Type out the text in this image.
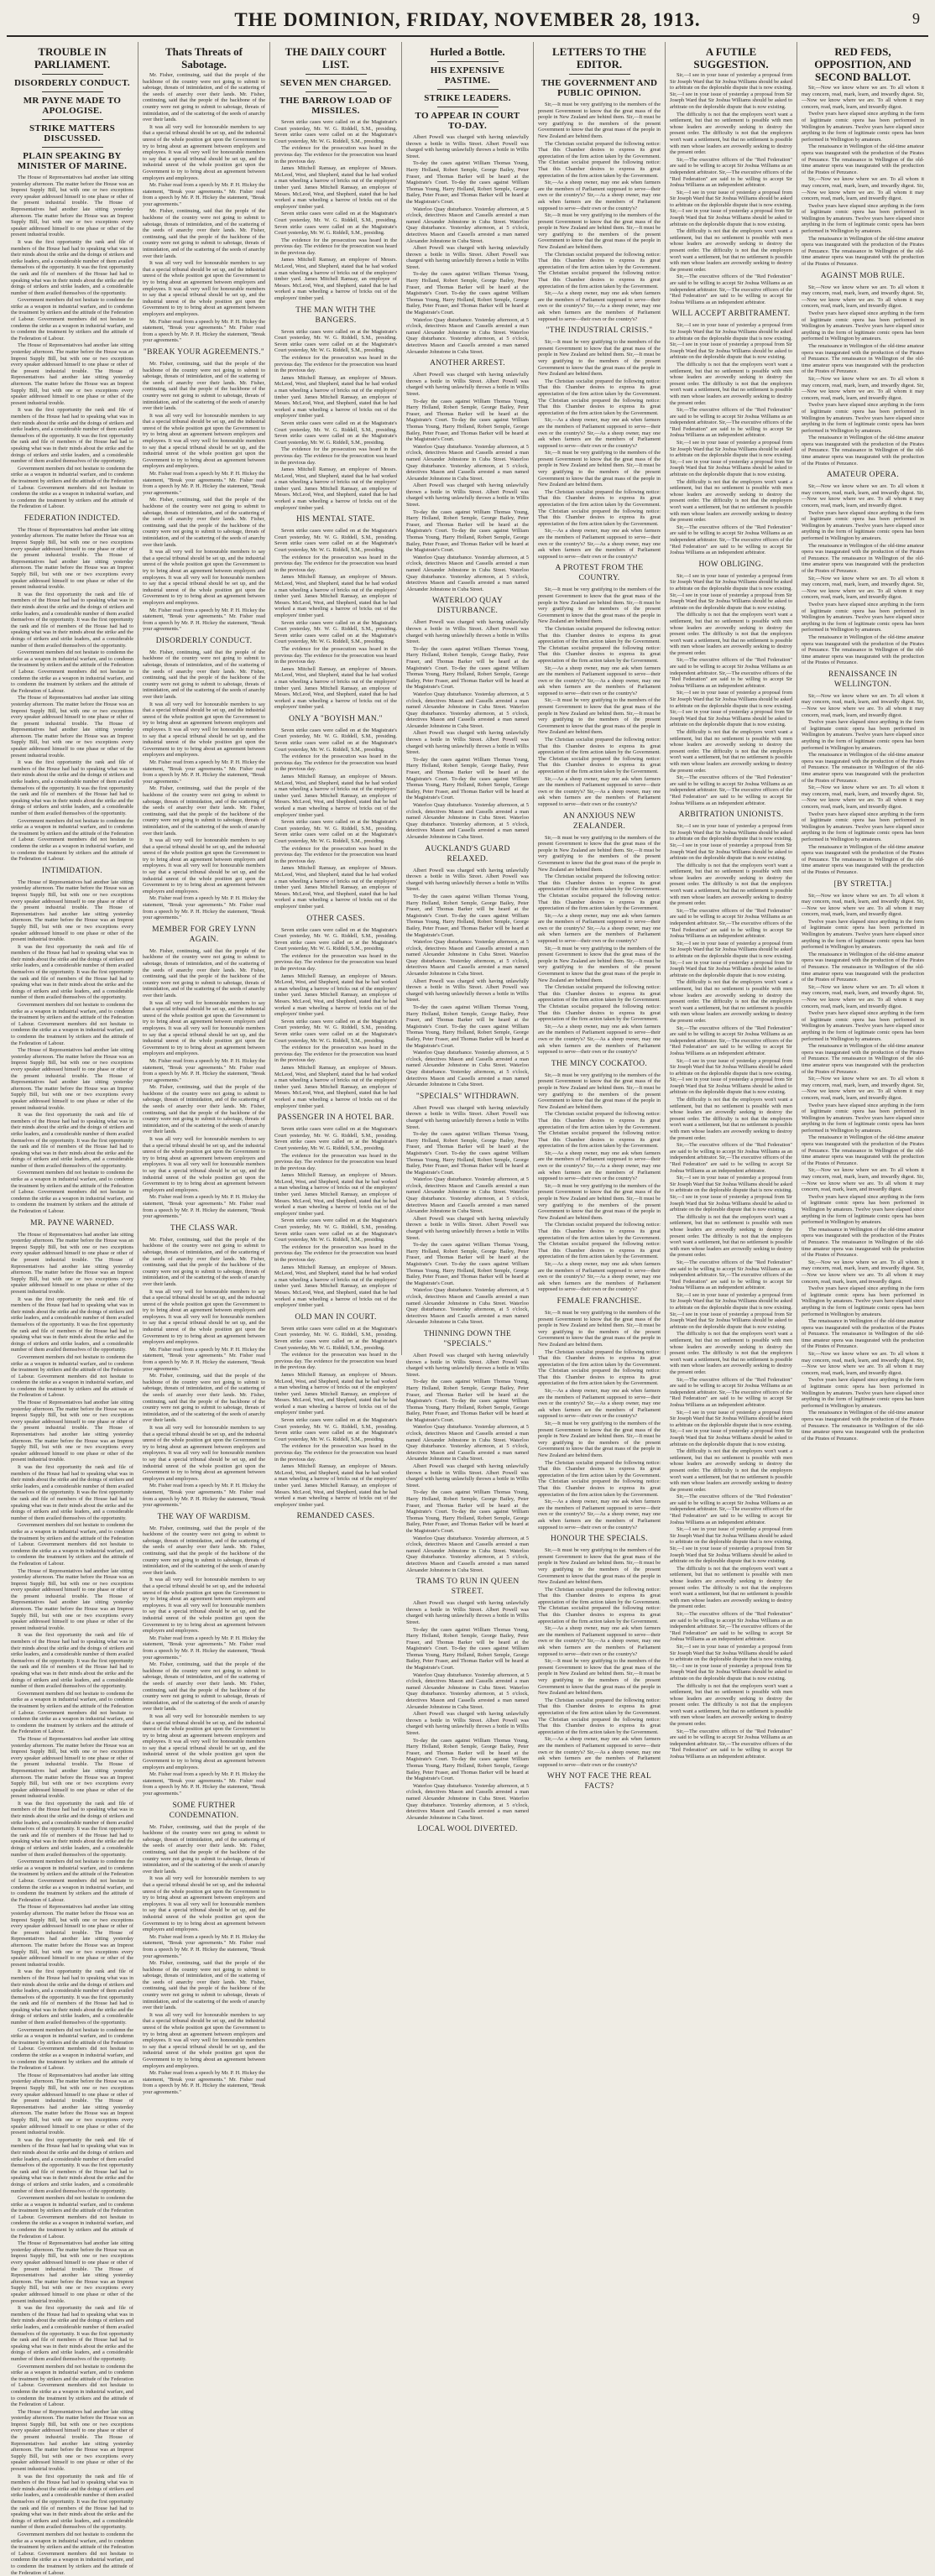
THE DOMINION, FRIDAY, NOVEMBER 28, 1913.	9
TROUBLE IN PARLIAMENT.
DISORDERLY CONDUCT.
MR PAYNE MADE TO APOLOGISE.
STRIKE MATTERS DISCUSSED.
PLAIN SPEAKING BY MINISTER OF MARINE.

The House of Representatives had another late sitting yesterday afternoon. The matter before the House was an Imprest Supply Bill, but with one or two exceptions every speaker addressed himself to one phase or other of the present industrial trouble. The House of Representatives had another late sitting yesterday afternoon. The matter before the House was an Imprest Supply Bill, but with one or two exceptions every speaker addressed himself to one phase or other of the present industrial trouble.

It was the first opportunity the rank and file of members of the House had had to speaking what was in their minds about the strike and the doings of strikers and strike leaders, and a considerable number of them availed themselves of the opportunity. It was the first opportunity the rank and file of members of the House had had to speaking what was in their minds about the strike and the doings of strikers and strike leaders, and a considerable number of them availed themselves of the opportunity.

Government members did not hesitate to condemn the strike as a weapon in industrial warfare, and to condemn the treatment by strikers and the attitude of the Federation of Labour. Government members did not hesitate to condemn the strike as a weapon in industrial warfare, and to condemn the treatment by strikers and the attitude of the Federation of Labour.

The House of Representatives had another late sitting yesterday afternoon. The matter before the House was an Imprest Supply Bill, but with one or two exceptions every speaker addressed himself to one phase or other of the present industrial trouble. The House of Representatives had another late sitting yesterday afternoon. The matter before the House was an Imprest Supply Bill, but with one or two exceptions every speaker addressed himself to one phase or other of the present industrial trouble.

It was the first opportunity the rank and file of members of the House had had to speaking what was in their minds about the strike and the doings of strikers and strike leaders, and a considerable number of them availed themselves of the opportunity. It was the first opportunity the rank and file of members of the House had had to speaking what was in their minds about the strike and the doings of strikers and strike leaders, and a considerable number of them availed themselves of the opportunity.

Government members did not hesitate to condemn the strike as a weapon in industrial warfare, and to condemn the treatment by strikers and the attitude of the Federation of Labour. Government members did not hesitate to condemn the strike as a weapon in industrial warfare, and to condemn the treatment by strikers and the attitude of the Federation of Labour.

FEDERATION INDICTED.

The House of Representatives had another late sitting yesterday afternoon. The matter before the House was an Imprest Supply Bill, but with one or two exceptions every speaker addressed himself to one phase or other of the present industrial trouble. The House of Representatives had another late sitting yesterday afternoon. The matter before the House was an Imprest Supply Bill, but with one or two exceptions every speaker addressed himself to one phase or other of the present industrial trouble.

It was the first opportunity the rank and file of members of the House had had to speaking what was in their minds about the strike and the doings of strikers and strike leaders, and a considerable number of them availed themselves of the opportunity. It was the first opportunity the rank and file of members of the House had had to speaking what was in their minds about the strike and the doings of strikers and strike leaders, and a considerable number of them availed themselves of the opportunity.

Government members did not hesitate to condemn the strike as a weapon in industrial warfare, and to condemn the treatment by strikers and the attitude of the Federation of Labour. Government members did not hesitate to condemn the strike as a weapon in industrial warfare, and to condemn the treatment by strikers and the attitude of the Federation of Labour.

The House of Representatives had another late sitting yesterday afternoon. The matter before the House was an Imprest Supply Bill, but with one or two exceptions every speaker addressed himself to one phase or other of the present industrial trouble. The House of Representatives had another late sitting yesterday afternoon. The matter before the House was an Imprest Supply Bill, but with one or two exceptions every speaker addressed himself to one phase or other of the present industrial trouble.

It was the first opportunity the rank and file of members of the House had had to speaking what was in their minds about the strike and the doings of strikers and strike leaders, and a considerable number of them availed themselves of the opportunity. It was the first opportunity the rank and file of members of the House had had to speaking what was in their minds about the strike and the doings of strikers and strike leaders, and a considerable number of them availed themselves of the opportunity.

Government members did not hesitate to condemn the strike as a weapon in industrial warfare, and to condemn the treatment by strikers and the attitude of the Federation of Labour. Government members did not hesitate to condemn the strike as a weapon in industrial warfare, and to condemn the treatment by strikers and the attitude of the Federation of Labour.

INTIMIDATION.

The House of Representatives had another late sitting yesterday afternoon. The matter before the House was an Imprest Supply Bill, but with one or two exceptions every speaker addressed himself to one phase or other of the present industrial trouble. The House of Representatives had another late sitting yesterday afternoon. The matter before the House was an Imprest Supply Bill, but with one or two exceptions every speaker addressed himself to one phase or other of the present industrial trouble.

It was the first opportunity the rank and file of members of the House had had to speaking what was in their minds about the strike and the doings of strikers and strike leaders, and a considerable number of them availed themselves of the opportunity. It was the first opportunity the rank and file of members of the House had had to speaking what was in their minds about the strike and the doings of strikers and strike leaders, and a considerable number of them availed themselves of the opportunity.

Government members did not hesitate to condemn the strike as a weapon in industrial warfare, and to condemn the treatment by strikers and the attitude of the Federation of Labour. Government members did not hesitate to condemn the strike as a weapon in industrial warfare, and to condemn the treatment by strikers and the attitude of the Federation of Labour.

The House of Representatives had another late sitting yesterday afternoon. The matter before the House was an Imprest Supply Bill, but with one or two exceptions every speaker addressed himself to one phase or other of the present industrial trouble. The House of Representatives had another late sitting yesterday afternoon. The matter before the House was an Imprest Supply Bill, but with one or two exceptions every speaker addressed himself to one phase or other of the present industrial trouble.

It was the first opportunity the rank and file of members of the House had had to speaking what was in their minds about the strike and the doings of strikers and strike leaders, and a considerable number of them availed themselves of the opportunity. It was the first opportunity the rank and file of members of the House had had to speaking what was in their minds about the strike and the doings of strikers and strike leaders, and a considerable number of them availed themselves of the opportunity.

Government members did not hesitate to condemn the strike as a weapon in industrial warfare, and to condemn the treatment by strikers and the attitude of the Federation of Labour. Government members did not hesitate to condemn the strike as a weapon in industrial warfare, and to condemn the treatment by strikers and the attitude of the Federation of Labour.

MR. PAYNE WARNED.

The House of Representatives had another late sitting yesterday afternoon. The matter before the House was an Imprest Supply Bill, but with one or two exceptions every speaker addressed himself to one phase or other of the present industrial trouble. The House of Representatives had another late sitting yesterday afternoon. The matter before the House was an Imprest Supply Bill, but with one or two exceptions every speaker addressed himself to one phase or other of the present industrial trouble.

It was the first opportunity the rank and file of members of the House had had to speaking what was in their minds about the strike and the doings of strikers and strike leaders, and a considerable number of them availed themselves of the opportunity. It was the first opportunity the rank and file of members of the House had had to speaking what was in their minds about the strike and the doings of strikers and strike leaders, and a considerable number of them availed themselves of the opportunity.

Government members did not hesitate to condemn the strike as a weapon in industrial warfare, and to condemn the treatment by strikers and the attitude of the Federation of Labour. Government members did not hesitate to condemn the strike as a weapon in industrial warfare, and to condemn the treatment by strikers and the attitude of the Federation of Labour.

The House of Representatives had another late sitting yesterday afternoon. The matter before the House was an Imprest Supply Bill, but with one or two exceptions every speaker addressed himself to one phase or other of the present industrial trouble. The House of Representatives had another late sitting yesterday afternoon. The matter before the House was an Imprest Supply Bill, but with one or two exceptions every speaker addressed himself to one phase or other of the present industrial trouble.

It was the first opportunity the rank and file of members of the House had had to speaking what was in their minds about the strike and the doings of strikers and strike leaders, and a considerable number of them availed themselves of the opportunity. It was the first opportunity the rank and file of members of the House had had to speaking what was in their minds about the strike and the doings of strikers and strike leaders, and a considerable number of them availed themselves of the opportunity.

Government members did not hesitate to condemn the strike as a weapon in industrial warfare, and to condemn the treatment by strikers and the attitude of the Federation of Labour. Government members did not hesitate to condemn the strike as a weapon in industrial warfare, and to condemn the treatment by strikers and the attitude of the Federation of Labour.

The House of Representatives had another late sitting yesterday afternoon. The matter before the House was an Imprest Supply Bill, but with one or two exceptions every speaker addressed himself to one phase or other of the present industrial trouble. The House of Representatives had another late sitting yesterday afternoon. The matter before the House was an Imprest Supply Bill, but with one or two exceptions every speaker addressed himself to one phase or other of the present industrial trouble.

It was the first opportunity the rank and file of members of the House had had to speaking what was in their minds about the strike and the doings of strikers and strike leaders, and a considerable number of them availed themselves of the opportunity. It was the first opportunity the rank and file of members of the House had had to speaking what was in their minds about the strike and the doings of strikers and strike leaders, and a considerable number of them availed themselves of the opportunity.

Government members did not hesitate to condemn the strike as a weapon in industrial warfare, and to condemn the treatment by strikers and the attitude of the Federation of Labour. Government members did not hesitate to condemn the strike as a weapon in industrial warfare, and to condemn the treatment by strikers and the attitude of the Federation of Labour.

The House of Representatives had another late sitting yesterday afternoon. The matter before the House was an Imprest Supply Bill, but with one or two exceptions every speaker addressed himself to one phase or other of the present industrial trouble. The House of Representatives had another late sitting yesterday afternoon. The matter before the House was an Imprest Supply Bill, but with one or two exceptions every speaker addressed himself to one phase or other of the present industrial trouble.

It was the first opportunity the rank and file of members of the House had had to speaking what was in their minds about the strike and the doings of strikers and strike leaders, and a considerable number of them availed themselves of the opportunity. It was the first opportunity the rank and file of members of the House had had to speaking what was in their minds about the strike and the doings of strikers and strike leaders, and a considerable number of them availed themselves of the opportunity.

Government members did not hesitate to condemn the strike as a weapon in industrial warfare, and to condemn the treatment by strikers and the attitude of the Federation of Labour. Government members did not hesitate to condemn the strike as a weapon in industrial warfare, and to condemn the treatment by strikers and the attitude of the Federation of Labour.

The House of Representatives had another late sitting yesterday afternoon. The matter before the House was an Imprest Supply Bill, but with one or two exceptions every speaker addressed himself to one phase or other of the present industrial trouble. The House of Representatives had another late sitting yesterday afternoon. The matter before the House was an Imprest Supply Bill, but with one or two exceptions every speaker addressed himself to one phase or other of the present industrial trouble.

It was the first opportunity the rank and file of members of the House had had to speaking what was in their minds about the strike and the doings of strikers and strike leaders, and a considerable number of them availed themselves of the opportunity. It was the first opportunity the rank and file of members of the House had had to speaking what was in their minds about the strike and the doings of strikers and strike leaders, and a considerable number of them availed themselves of the opportunity.

Government members did not hesitate to condemn the strike as a weapon in industrial warfare, and to condemn the treatment by strikers and the attitude of the Federation of Labour. Government members did not hesitate to condemn the strike as a weapon in industrial warfare, and to condemn the treatment by strikers and the attitude of the Federation of Labour.

The House of Representatives had another late sitting yesterday afternoon. The matter before the House was an Imprest Supply Bill, but with one or two exceptions every speaker addressed himself to one phase or other of the present industrial trouble. The House of Representatives had another late sitting yesterday afternoon. The matter before the House was an Imprest Supply Bill, but with one or two exceptions every speaker addressed himself to one phase or other of the present industrial trouble.

It was the first opportunity the rank and file of members of the House had had to speaking what was in their minds about the strike and the doings of strikers and strike leaders, and a considerable number of them availed themselves of the opportunity. It was the first opportunity the rank and file of members of the House had had to speaking what was in their minds about the strike and the doings of strikers and strike leaders, and a considerable number of them availed themselves of the opportunity.

Government members did not hesitate to condemn the strike as a weapon in industrial warfare, and to condemn the treatment by strikers and the attitude of the Federation of Labour. Government members did not hesitate to condemn the strike as a weapon in industrial warfare, and to condemn the treatment by strikers and the attitude of the Federation of Labour.

The House of Representatives had another late sitting yesterday afternoon. The matter before the House was an Imprest Supply Bill, but with one or two exceptions every speaker addressed himself to one phase or other of the present industrial trouble. The House of Representatives had another late sitting yesterday afternoon. The matter before the House was an Imprest Supply Bill, but with one or two exceptions every speaker addressed himself to one phase or other of the present industrial trouble.

It was the first opportunity the rank and file of members of the House had had to speaking what was in their minds about the strike and the doings of strikers and strike leaders, and a considerable number of them availed themselves of the opportunity. It was the first opportunity the rank and file of members of the House had had to speaking what was in their minds about the strike and the doings of strikers and strike leaders, and a considerable number of them availed themselves of the opportunity.

Government members did not hesitate to condemn the strike as a weapon in industrial warfare, and to condemn the treatment by strikers and the attitude of the Federation of Labour. Government members did not hesitate to condemn the strike as a weapon in industrial warfare, and to condemn the treatment by strikers and the attitude of the Federation of Labour.

The House of Representatives had another late sitting yesterday afternoon. The matter before the House was an Imprest Supply Bill, but with one or two exceptions every speaker addressed himself to one phase or other of the present industrial trouble. The House of Representatives had another late sitting yesterday afternoon. The matter before the House was an Imprest Supply Bill, but with one or two exceptions every speaker addressed himself to one phase or other of the present industrial trouble.

It was the first opportunity the rank and file of members of the House had had to speaking what was in their minds about the strike and the doings of strikers and strike leaders, and a considerable number of them availed themselves of the opportunity. It was the first opportunity the rank and file of members of the House had had to speaking what was in their minds about the strike and the doings of strikers and strike leaders, and a considerable number of them availed themselves of the opportunity.

Government members did not hesitate to condemn the strike as a weapon in industrial warfare, and to condemn the treatment by strikers and the attitude of the Federation of Labour. Government members did not hesitate to condemn the strike as a weapon in industrial warfare, and to condemn the treatment by strikers and the attitude of the Federation of Labour.

Thats Threats of Sabotage.

Mr. Fisher, continuing, said that the people of the backbone of the country were not going to submit to sabotage, threats of intimidation, and of the scattering of the seeds of anarchy over their lands. Mr. Fisher, continuing, said that the people of the backbone of the country were not going to submit to sabotage, threats of intimidation, and of the scattering of the seeds of anarchy over their lands.

It was all very well for honourable members to say that a special tribunal should be set up, and the industrial unrest of the whole position got upon the Government to try to bring about an agreement between employers and employees. It was all very well for honourable members to say that a special tribunal should be set up, and the industrial unrest of the whole position got upon the Government to try to bring about an agreement between employers and employees.

Mr. Fisher read from a speech by Mr. P. H. Hickey the statement, "Break your agreements." Mr. Fisher read from a speech by Mr. P. H. Hickey the statement, "Break your agreements."

Mr. Fisher, continuing, said that the people of the backbone of the country were not going to submit to sabotage, threats of intimidation, and of the scattering of the seeds of anarchy over their lands. Mr. Fisher, continuing, said that the people of the backbone of the country were not going to submit to sabotage, threats of intimidation, and of the scattering of the seeds of anarchy over their lands.

It was all very well for honourable members to say that a special tribunal should be set up, and the industrial unrest of the whole position got upon the Government to try to bring about an agreement between employers and employees. It was all very well for honourable members to say that a special tribunal should be set up, and the industrial unrest of the whole position got upon the Government to try to bring about an agreement between employers and employees.

Mr. Fisher read from a speech by Mr. P. H. Hickey the statement, "Break your agreements." Mr. Fisher read from a speech by Mr. P. H. Hickey the statement, "Break your agreements."

"BREAK YOUR AGREEMENTS."

Mr. Fisher, continuing, said that the people of the backbone of the country were not going to submit to sabotage, threats of intimidation, and of the scattering of the seeds of anarchy over their lands. Mr. Fisher, continuing, said that the people of the backbone of the country were not going to submit to sabotage, threats of intimidation, and of the scattering of the seeds of anarchy over their lands.

It was all very well for honourable members to say that a special tribunal should be set up, and the industrial unrest of the whole position got upon the Government to try to bring about an agreement between employers and employees. It was all very well for honourable members to say that a special tribunal should be set up, and the industrial unrest of the whole position got upon the Government to try to bring about an agreement between employers and employees.

Mr. Fisher read from a speech by Mr. P. H. Hickey the statement, "Break your agreements." Mr. Fisher read from a speech by Mr. P. H. Hickey the statement, "Break your agreements."

Mr. Fisher, continuing, said that the people of the backbone of the country were not going to submit to sabotage, threats of intimidation, and of the scattering of the seeds of anarchy over their lands. Mr. Fisher, continuing, said that the people of the backbone of the country were not going to submit to sabotage, threats of intimidation, and of the scattering of the seeds of anarchy over their lands.

It was all very well for honourable members to say that a special tribunal should be set up, and the industrial unrest of the whole position got upon the Government to try to bring about an agreement between employers and employees. It was all very well for honourable members to say that a special tribunal should be set up, and the industrial unrest of the whole position got upon the Government to try to bring about an agreement between employers and employees.

Mr. Fisher read from a speech by Mr. P. H. Hickey the statement, "Break your agreements." Mr. Fisher read from a speech by Mr. P. H. Hickey the statement, "Break your agreements."

DISORDERLY CONDUCT.

Mr. Fisher, continuing, said that the people of the backbone of the country were not going to submit to sabotage, threats of intimidation, and of the scattering of the seeds of anarchy over their lands. Mr. Fisher, continuing, said that the people of the backbone of the country were not going to submit to sabotage, threats of intimidation, and of the scattering of the seeds of anarchy over their lands.

It was all very well for honourable members to say that a special tribunal should be set up, and the industrial unrest of the whole position got upon the Government to try to bring about an agreement between employers and employees. It was all very well for honourable members to say that a special tribunal should be set up, and the industrial unrest of the whole position got upon the Government to try to bring about an agreement between employers and employees.

Mr. Fisher read from a speech by Mr. P. H. Hickey the statement, "Break your agreements." Mr. Fisher read from a speech by Mr. P. H. Hickey the statement, "Break your agreements."

Mr. Fisher, continuing, said that the people of the backbone of the country were not going to submit to sabotage, threats of intimidation, and of the scattering of the seeds of anarchy over their lands. Mr. Fisher, continuing, said that the people of the backbone of the country were not going to submit to sabotage, threats of intimidation, and of the scattering of the seeds of anarchy over their lands.

It was all very well for honourable members to say that a special tribunal should be set up, and the industrial unrest of the whole position got upon the Government to try to bring about an agreement between employers and employees. It was all very well for honourable members to say that a special tribunal should be set up, and the industrial unrest of the whole position got upon the Government to try to bring about an agreement between employers and employees.

Mr. Fisher read from a speech by Mr. P. H. Hickey the statement, "Break your agreements." Mr. Fisher read from a speech by Mr. P. H. Hickey the statement, "Break your agreements."

MEMBER FOR GREY LYNN AGAIN.

Mr. Fisher, continuing, said that the people of the backbone of the country were not going to submit to sabotage, threats of intimidation, and of the scattering of the seeds of anarchy over their lands. Mr. Fisher, continuing, said that the people of the backbone of the country were not going to submit to sabotage, threats of intimidation, and of the scattering of the seeds of anarchy over their lands.

It was all very well for honourable members to say that a special tribunal should be set up, and the industrial unrest of the whole position got upon the Government to try to bring about an agreement between employers and employees. It was all very well for honourable members to say that a special tribunal should be set up, and the industrial unrest of the whole position got upon the Government to try to bring about an agreement between employers and employees.

Mr. Fisher read from a speech by Mr. P. H. Hickey the statement, "Break your agreements." Mr. Fisher read from a speech by Mr. P. H. Hickey the statement, "Break your agreements."

Mr. Fisher, continuing, said that the people of the backbone of the country were not going to submit to sabotage, threats of intimidation, and of the scattering of the seeds of anarchy over their lands. Mr. Fisher, continuing, said that the people of the backbone of the country were not going to submit to sabotage, threats of intimidation, and of the scattering of the seeds of anarchy over their lands.

It was all very well for honourable members to say that a special tribunal should be set up, and the industrial unrest of the whole position got upon the Government to try to bring about an agreement between employers and employees. It was all very well for honourable members to say that a special tribunal should be set up, and the industrial unrest of the whole position got upon the Government to try to bring about an agreement between employers and employees.

Mr. Fisher read from a speech by Mr. P. H. Hickey the statement, "Break your agreements." Mr. Fisher read from a speech by Mr. P. H. Hickey the statement, "Break your agreements."

THE CLASS WAR.

Mr. Fisher, continuing, said that the people of the backbone of the country were not going to submit to sabotage, threats of intimidation, and of the scattering of the seeds of anarchy over their lands. Mr. Fisher, continuing, said that the people of the backbone of the country were not going to submit to sabotage, threats of intimidation, and of the scattering of the seeds of anarchy over their lands.

It was all very well for honourable members to say that a special tribunal should be set up, and the industrial unrest of the whole position got upon the Government to try to bring about an agreement between employers and employees. It was all very well for honourable members to say that a special tribunal should be set up, and the industrial unrest of the whole position got upon the Government to try to bring about an agreement between employers and employees.

Mr. Fisher read from a speech by Mr. P. H. Hickey the statement, "Break your agreements." Mr. Fisher read from a speech by Mr. P. H. Hickey the statement, "Break your agreements."

Mr. Fisher, continuing, said that the people of the backbone of the country were not going to submit to sabotage, threats of intimidation, and of the scattering of the seeds of anarchy over their lands. Mr. Fisher, continuing, said that the people of the backbone of the country were not going to submit to sabotage, threats of intimidation, and of the scattering of the seeds of anarchy over their lands.

It was all very well for honourable members to say that a special tribunal should be set up, and the industrial unrest of the whole position got upon the Government to try to bring about an agreement between employers and employees. It was all very well for honourable members to say that a special tribunal should be set up, and the industrial unrest of the whole position got upon the Government to try to bring about an agreement between employers and employees.

Mr. Fisher read from a speech by Mr. P. H. Hickey the statement, "Break your agreements." Mr. Fisher read from a speech by Mr. P. H. Hickey the statement, "Break your agreements."

THE WAY OF WARDISM.

Mr. Fisher, continuing, said that the people of the backbone of the country were not going to submit to sabotage, threats of intimidation, and of the scattering of the seeds of anarchy over their lands. Mr. Fisher, continuing, said that the people of the backbone of the country were not going to submit to sabotage, threats of intimidation, and of the scattering of the seeds of anarchy over their lands.

It was all very well for honourable members to say that a special tribunal should be set up, and the industrial unrest of the whole position got upon the Government to try to bring about an agreement between employers and employees. It was all very well for honourable members to say that a special tribunal should be set up, and the industrial unrest of the whole position got upon the Government to try to bring about an agreement between employers and employees.

Mr. Fisher read from a speech by Mr. P. H. Hickey the statement, "Break your agreements." Mr. Fisher read from a speech by Mr. P. H. Hickey the statement, "Break your agreements."

Mr. Fisher, continuing, said that the people of the backbone of the country were not going to submit to sabotage, threats of intimidation, and of the scattering of the seeds of anarchy over their lands. Mr. Fisher, continuing, said that the people of the backbone of the country were not going to submit to sabotage, threats of intimidation, and of the scattering of the seeds of anarchy over their lands.

It was all very well for honourable members to say that a special tribunal should be set up, and the industrial unrest of the whole position got upon the Government to try to bring about an agreement between employers and employees. It was all very well for honourable members to say that a special tribunal should be set up, and the industrial unrest of the whole position got upon the Government to try to bring about an agreement between employers and employees.

Mr. Fisher read from a speech by Mr. P. H. Hickey the statement, "Break your agreements." Mr. Fisher read from a speech by Mr. P. H. Hickey the statement, "Break your agreements."

SOME FURTHER CONDEMNATION.

Mr. Fisher, continuing, said that the people of the backbone of the country were not going to submit to sabotage, threats of intimidation, and of the scattering of the seeds of anarchy over their lands. Mr. Fisher, continuing, said that the people of the backbone of the country were not going to submit to sabotage, threats of intimidation, and of the scattering of the seeds of anarchy over their lands.

It was all very well for honourable members to say that a special tribunal should be set up, and the industrial unrest of the whole position got upon the Government to try to bring about an agreement between employers and employees. It was all very well for honourable members to say that a special tribunal should be set up, and the industrial unrest of the whole position got upon the Government to try to bring about an agreement between employers and employees.

Mr. Fisher read from a speech by Mr. P. H. Hickey the statement, "Break your agreements." Mr. Fisher read from a speech by Mr. P. H. Hickey the statement, "Break your agreements."

Mr. Fisher, continuing, said that the people of the backbone of the country were not going to submit to sabotage, threats of intimidation, and of the scattering of the seeds of anarchy over their lands. Mr. Fisher, continuing, said that the people of the backbone of the country were not going to submit to sabotage, threats of intimidation, and of the scattering of the seeds of anarchy over their lands.

It was all very well for honourable members to say that a special tribunal should be set up, and the industrial unrest of the whole position got upon the Government to try to bring about an agreement between employers and employees. It was all very well for honourable members to say that a special tribunal should be set up, and the industrial unrest of the whole position got upon the Government to try to bring about an agreement between employers and employees.

Mr. Fisher read from a speech by Mr. P. H. Hickey the statement, "Break your agreements." Mr. Fisher read from a speech by Mr. P. H. Hickey the statement, "Break your agreements."

THE DAILY COURT LIST.
SEVEN MEN CHARGED.
THE BARROW LOAD OF MISSILES.

Seven strike cases were called on at the Magistrate's Court yesterday, Mr. W. G. Riddell, S.M., presiding. Seven strike cases were called on at the Magistrate's Court yesterday, Mr. W. G. Riddell, S.M., presiding.

The evidence for the prosecution was heard in the previous day. The evidence for the prosecution was heard in the previous day.

James Mitchell Ramsay, an employee of Messrs. McLeod, West, and Shepherd, stated that he had worked a man wheeling a barrow of bricks out of the employers' timber yard. James Mitchell Ramsay, an employee of Messrs. McLeod, West, and Shepherd, stated that he had worked a man wheeling a barrow of bricks out of the employers' timber yard.

Seven strike cases were called on at the Magistrate's Court yesterday, Mr. W. G. Riddell, S.M., presiding. Seven strike cases were called on at the Magistrate's Court yesterday, Mr. W. G. Riddell, S.M., presiding.

The evidence for the prosecution was heard in the previous day. The evidence for the prosecution was heard in the previous day.

James Mitchell Ramsay, an employee of Messrs. McLeod, West, and Shepherd, stated that he had worked a man wheeling a barrow of bricks out of the employers' timber yard. James Mitchell Ramsay, an employee of Messrs. McLeod, West, and Shepherd, stated that he had worked a man wheeling a barrow of bricks out of the employers' timber yard.

THE MAN WITH THE BANGERS.

Seven strike cases were called on at the Magistrate's Court yesterday, Mr. W. G. Riddell, S.M., presiding. Seven strike cases were called on at the Magistrate's Court yesterday, Mr. W. G. Riddell, S.M., presiding.

The evidence for the prosecution was heard in the previous day. The evidence for the prosecution was heard in the previous day.

James Mitchell Ramsay, an employee of Messrs. McLeod, West, and Shepherd, stated that he had worked a man wheeling a barrow of bricks out of the employers' timber yard. James Mitchell Ramsay, an employee of Messrs. McLeod, West, and Shepherd, stated that he had worked a man wheeling a barrow of bricks out of the employers' timber yard.

Seven strike cases were called on at the Magistrate's Court yesterday, Mr. W. G. Riddell, S.M., presiding. Seven strike cases were called on at the Magistrate's Court yesterday, Mr. W. G. Riddell, S.M., presiding.

The evidence for the prosecution was heard in the previous day. The evidence for the prosecution was heard in the previous day.

James Mitchell Ramsay, an employee of Messrs. McLeod, West, and Shepherd, stated that he had worked a man wheeling a barrow of bricks out of the employers' timber yard. James Mitchell Ramsay, an employee of Messrs. McLeod, West, and Shepherd, stated that he had worked a man wheeling a barrow of bricks out of the employers' timber yard.

HIS MENTAL STATE.

Seven strike cases were called on at the Magistrate's Court yesterday, Mr. W. G. Riddell, S.M., presiding. Seven strike cases were called on at the Magistrate's Court yesterday, Mr. W. G. Riddell, S.M., presiding.

The evidence for the prosecution was heard in the previous day. The evidence for the prosecution was heard in the previous day.

James Mitchell Ramsay, an employee of Messrs. McLeod, West, and Shepherd, stated that he had worked a man wheeling a barrow of bricks out of the employers' timber yard. James Mitchell Ramsay, an employee of Messrs. McLeod, West, and Shepherd, stated that he had worked a man wheeling a barrow of bricks out of the employers' timber yard.

Seven strike cases were called on at the Magistrate's Court yesterday, Mr. W. G. Riddell, S.M., presiding. Seven strike cases were called on at the Magistrate's Court yesterday, Mr. W. G. Riddell, S.M., presiding.

The evidence for the prosecution was heard in the previous day. The evidence for the prosecution was heard in the previous day.

James Mitchell Ramsay, an employee of Messrs. McLeod, West, and Shepherd, stated that he had worked a man wheeling a barrow of bricks out of the employers' timber yard. James Mitchell Ramsay, an employee of Messrs. McLeod, West, and Shepherd, stated that he had worked a man wheeling a barrow of bricks out of the employers' timber yard.

ONLY A "BOYISH MAN."

Seven strike cases were called on at the Magistrate's Court yesterday, Mr. W. G. Riddell, S.M., presiding. Seven strike cases were called on at the Magistrate's Court yesterday, Mr. W. G. Riddell, S.M., presiding.

The evidence for the prosecution was heard in the previous day. The evidence for the prosecution was heard in the previous day.

James Mitchell Ramsay, an employee of Messrs. McLeod, West, and Shepherd, stated that he had worked a man wheeling a barrow of bricks out of the employers' timber yard. James Mitchell Ramsay, an employee of Messrs. McLeod, West, and Shepherd, stated that he had worked a man wheeling a barrow of bricks out of the employers' timber yard.

Seven strike cases were called on at the Magistrate's Court yesterday, Mr. W. G. Riddell, S.M., presiding. Seven strike cases were called on at the Magistrate's Court yesterday, Mr. W. G. Riddell, S.M., presiding.

The evidence for the prosecution was heard in the previous day. The evidence for the prosecution was heard in the previous day.

James Mitchell Ramsay, an employee of Messrs. McLeod, West, and Shepherd, stated that he had worked a man wheeling a barrow of bricks out of the employers' timber yard. James Mitchell Ramsay, an employee of Messrs. McLeod, West, and Shepherd, stated that he had worked a man wheeling a barrow of bricks out of the employers' timber yard.

OTHER CASES.

Seven strike cases were called on at the Magistrate's Court yesterday, Mr. W. G. Riddell, S.M., presiding. Seven strike cases were called on at the Magistrate's Court yesterday, Mr. W. G. Riddell, S.M., presiding.

The evidence for the prosecution was heard in the previous day. The evidence for the prosecution was heard in the previous day.

James Mitchell Ramsay, an employee of Messrs. McLeod, West, and Shepherd, stated that he had worked a man wheeling a barrow of bricks out of the employers' timber yard. James Mitchell Ramsay, an employee of Messrs. McLeod, West, and Shepherd, stated that he had worked a man wheeling a barrow of bricks out of the employers' timber yard.

Seven strike cases were called on at the Magistrate's Court yesterday, Mr. W. G. Riddell, S.M., presiding. Seven strike cases were called on at the Magistrate's Court yesterday, Mr. W. G. Riddell, S.M., presiding.

The evidence for the prosecution was heard in the previous day. The evidence for the prosecution was heard in the previous day.

James Mitchell Ramsay, an employee of Messrs. McLeod, West, and Shepherd, stated that he had worked a man wheeling a barrow of bricks out of the employers' timber yard. James Mitchell Ramsay, an employee of Messrs. McLeod, West, and Shepherd, stated that he had worked a man wheeling a barrow of bricks out of the employers' timber yard.

PASSENGER IN A HOTEL BAR.

Seven strike cases were called on at the Magistrate's Court yesterday, Mr. W. G. Riddell, S.M., presiding. Seven strike cases were called on at the Magistrate's Court yesterday, Mr. W. G. Riddell, S.M., presiding.

The evidence for the prosecution was heard in the previous day. The evidence for the prosecution was heard in the previous day.

James Mitchell Ramsay, an employee of Messrs. McLeod, West, and Shepherd, stated that he had worked a man wheeling a barrow of bricks out of the employers' timber yard. James Mitchell Ramsay, an employee of Messrs. McLeod, West, and Shepherd, stated that he had worked a man wheeling a barrow of bricks out of the employers' timber yard.

Seven strike cases were called on at the Magistrate's Court yesterday, Mr. W. G. Riddell, S.M., presiding. Seven strike cases were called on at the Magistrate's Court yesterday, Mr. W. G. Riddell, S.M., presiding.

The evidence for the prosecution was heard in the previous day. The evidence for the prosecution was heard in the previous day.

James Mitchell Ramsay, an employee of Messrs. McLeod, West, and Shepherd, stated that he had worked a man wheeling a barrow of bricks out of the employers' timber yard. James Mitchell Ramsay, an employee of Messrs. McLeod, West, and Shepherd, stated that he had worked a man wheeling a barrow of bricks out of the employers' timber yard.

OLD MAN IN COURT.

Seven strike cases were called on at the Magistrate's Court yesterday, Mr. W. G. Riddell, S.M., presiding. Seven strike cases were called on at the Magistrate's Court yesterday, Mr. W. G. Riddell, S.M., presiding.

The evidence for the prosecution was heard in the previous day. The evidence for the prosecution was heard in the previous day.

James Mitchell Ramsay, an employee of Messrs. McLeod, West, and Shepherd, stated that he had worked a man wheeling a barrow of bricks out of the employers' timber yard. James Mitchell Ramsay, an employee of Messrs. McLeod, West, and Shepherd, stated that he had worked a man wheeling a barrow of bricks out of the employers' timber yard.

Seven strike cases were called on at the Magistrate's Court yesterday, Mr. W. G. Riddell, S.M., presiding. Seven strike cases were called on at the Magistrate's Court yesterday, Mr. W. G. Riddell, S.M., presiding.

The evidence for the prosecution was heard in the previous day. The evidence for the prosecution was heard in the previous day.

James Mitchell Ramsay, an employee of Messrs. McLeod, West, and Shepherd, stated that he had worked a man wheeling a barrow of bricks out of the employers' timber yard. James Mitchell Ramsay, an employee of Messrs. McLeod, West, and Shepherd, stated that he had worked a man wheeling a barrow of bricks out of the employers' timber yard.

REMANDED CASES.
Hurled a Bottle.
HIS EXPENSIVE PASTIME.
STRIKE LEADERS.
TO APPEAR IN COURT TO-DAY.

Albert Powell was charged with having unlawfully thrown a bottle in Willis Street. Albert Powell was charged with having unlawfully thrown a bottle in Willis Street.

To-day the cases against William Thomas Young, Harry Holland, Robert Semple, George Bailey, Peter Fraser, and Thomas Barker will be heard at the Magistrate's Court. To-day the cases against William Thomas Young, Harry Holland, Robert Semple, George Bailey, Peter Fraser, and Thomas Barker will be heard at the Magistrate's Court.

Waterloo Quay disturbance. Yesterday afternoon, at 5 o'clock, detectives Mason and Cassells arrested a man named Alexander Johnstone in Cuba Street. Waterloo Quay disturbance. Yesterday afternoon, at 5 o'clock, detectives Mason and Cassells arrested a man named Alexander Johnstone in Cuba Street.

Albert Powell was charged with having unlawfully thrown a bottle in Willis Street. Albert Powell was charged with having unlawfully thrown a bottle in Willis Street.

To-day the cases against William Thomas Young, Harry Holland, Robert Semple, George Bailey, Peter Fraser, and Thomas Barker will be heard at the Magistrate's Court. To-day the cases against William Thomas Young, Harry Holland, Robert Semple, George Bailey, Peter Fraser, and Thomas Barker will be heard at the Magistrate's Court.

Waterloo Quay disturbance. Yesterday afternoon, at 5 o'clock, detectives Mason and Cassells arrested a man named Alexander Johnstone in Cuba Street. Waterloo Quay disturbance. Yesterday afternoon, at 5 o'clock, detectives Mason and Cassells arrested a man named Alexander Johnstone in Cuba Street.

ANOTHER ARREST.

Albert Powell was charged with having unlawfully thrown a bottle in Willis Street. Albert Powell was charged with having unlawfully thrown a bottle in Willis Street.

To-day the cases against William Thomas Young, Harry Holland, Robert Semple, George Bailey, Peter Fraser, and Thomas Barker will be heard at the Magistrate's Court. To-day the cases against William Thomas Young, Harry Holland, Robert Semple, George Bailey, Peter Fraser, and Thomas Barker will be heard at the Magistrate's Court.

Waterloo Quay disturbance. Yesterday afternoon, at 5 o'clock, detectives Mason and Cassells arrested a man named Alexander Johnstone in Cuba Street. Waterloo Quay disturbance. Yesterday afternoon, at 5 o'clock, detectives Mason and Cassells arrested a man named Alexander Johnstone in Cuba Street.

Albert Powell was charged with having unlawfully thrown a bottle in Willis Street. Albert Powell was charged with having unlawfully thrown a bottle in Willis Street.

To-day the cases against William Thomas Young, Harry Holland, Robert Semple, George Bailey, Peter Fraser, and Thomas Barker will be heard at the Magistrate's Court. To-day the cases against William Thomas Young, Harry Holland, Robert Semple, George Bailey, Peter Fraser, and Thomas Barker will be heard at the Magistrate's Court.

Waterloo Quay disturbance. Yesterday afternoon, at 5 o'clock, detectives Mason and Cassells arrested a man named Alexander Johnstone in Cuba Street. Waterloo Quay disturbance. Yesterday afternoon, at 5 o'clock, detectives Mason and Cassells arrested a man named Alexander Johnstone in Cuba Street.

WATERLOO QUAY DISTURBANCE.

Albert Powell was charged with having unlawfully thrown a bottle in Willis Street. Albert Powell was charged with having unlawfully thrown a bottle in Willis Street.

To-day the cases against William Thomas Young, Harry Holland, Robert Semple, George Bailey, Peter Fraser, and Thomas Barker will be heard at the Magistrate's Court. To-day the cases against William Thomas Young, Harry Holland, Robert Semple, George Bailey, Peter Fraser, and Thomas Barker will be heard at the Magistrate's Court.

Waterloo Quay disturbance. Yesterday afternoon, at 5 o'clock, detectives Mason and Cassells arrested a man named Alexander Johnstone in Cuba Street. Waterloo Quay disturbance. Yesterday afternoon, at 5 o'clock, detectives Mason and Cassells arrested a man named Alexander Johnstone in Cuba Street.

Albert Powell was charged with having unlawfully thrown a bottle in Willis Street. Albert Powell was charged with having unlawfully thrown a bottle in Willis Street.

To-day the cases against William Thomas Young, Harry Holland, Robert Semple, George Bailey, Peter Fraser, and Thomas Barker will be heard at the Magistrate's Court. To-day the cases against William Thomas Young, Harry Holland, Robert Semple, George Bailey, Peter Fraser, and Thomas Barker will be heard at the Magistrate's Court.

Waterloo Quay disturbance. Yesterday afternoon, at 5 o'clock, detectives Mason and Cassells arrested a man named Alexander Johnstone in Cuba Street. Waterloo Quay disturbance. Yesterday afternoon, at 5 o'clock, detectives Mason and Cassells arrested a man named Alexander Johnstone in Cuba Street.

AUCKLAND'S GUARD RELAXED.

Albert Powell was charged with having unlawfully thrown a bottle in Willis Street. Albert Powell was charged with having unlawfully thrown a bottle in Willis Street.

To-day the cases against William Thomas Young, Harry Holland, Robert Semple, George Bailey, Peter Fraser, and Thomas Barker will be heard at the Magistrate's Court. To-day the cases against William Thomas Young, Harry Holland, Robert Semple, George Bailey, Peter Fraser, and Thomas Barker will be heard at the Magistrate's Court.

Waterloo Quay disturbance. Yesterday afternoon, at 5 o'clock, detectives Mason and Cassells arrested a man named Alexander Johnstone in Cuba Street. Waterloo Quay disturbance. Yesterday afternoon, at 5 o'clock, detectives Mason and Cassells arrested a man named Alexander Johnstone in Cuba Street.

Albert Powell was charged with having unlawfully thrown a bottle in Willis Street. Albert Powell was charged with having unlawfully thrown a bottle in Willis Street.

To-day the cases against William Thomas Young, Harry Holland, Robert Semple, George Bailey, Peter Fraser, and Thomas Barker will be heard at the Magistrate's Court. To-day the cases against William Thomas Young, Harry Holland, Robert Semple, George Bailey, Peter Fraser, and Thomas Barker will be heard at the Magistrate's Court.

Waterloo Quay disturbance. Yesterday afternoon, at 5 o'clock, detectives Mason and Cassells arrested a man named Alexander Johnstone in Cuba Street. Waterloo Quay disturbance. Yesterday afternoon, at 5 o'clock, detectives Mason and Cassells arrested a man named Alexander Johnstone in Cuba Street.

"SPECIALS" WITHDRAWN.

Albert Powell was charged with having unlawfully thrown a bottle in Willis Street. Albert Powell was charged with having unlawfully thrown a bottle in Willis Street.

To-day the cases against William Thomas Young, Harry Holland, Robert Semple, George Bailey, Peter Fraser, and Thomas Barker will be heard at the Magistrate's Court. To-day the cases against William Thomas Young, Harry Holland, Robert Semple, George Bailey, Peter Fraser, and Thomas Barker will be heard at the Magistrate's Court.

Waterloo Quay disturbance. Yesterday afternoon, at 5 o'clock, detectives Mason and Cassells arrested a man named Alexander Johnstone in Cuba Street. Waterloo Quay disturbance. Yesterday afternoon, at 5 o'clock, detectives Mason and Cassells arrested a man named Alexander Johnstone in Cuba Street.

Albert Powell was charged with having unlawfully thrown a bottle in Willis Street. Albert Powell was charged with having unlawfully thrown a bottle in Willis Street.

To-day the cases against William Thomas Young, Harry Holland, Robert Semple, George Bailey, Peter Fraser, and Thomas Barker will be heard at the Magistrate's Court. To-day the cases against William Thomas Young, Harry Holland, Robert Semple, George Bailey, Peter Fraser, and Thomas Barker will be heard at the Magistrate's Court.

Waterloo Quay disturbance. Yesterday afternoon, at 5 o'clock, detectives Mason and Cassells arrested a man named Alexander Johnstone in Cuba Street. Waterloo Quay disturbance. Yesterday afternoon, at 5 o'clock, detectives Mason and Cassells arrested a man named Alexander Johnstone in Cuba Street.

THINNING DOWN THE "SPECIALS."

Albert Powell was charged with having unlawfully thrown a bottle in Willis Street. Albert Powell was charged with having unlawfully thrown a bottle in Willis Street.

To-day the cases against William Thomas Young, Harry Holland, Robert Semple, George Bailey, Peter Fraser, and Thomas Barker will be heard at the Magistrate's Court. To-day the cases against William Thomas Young, Harry Holland, Robert Semple, George Bailey, Peter Fraser, and Thomas Barker will be heard at the Magistrate's Court.

Waterloo Quay disturbance. Yesterday afternoon, at 5 o'clock, detectives Mason and Cassells arrested a man named Alexander Johnstone in Cuba Street. Waterloo Quay disturbance. Yesterday afternoon, at 5 o'clock, detectives Mason and Cassells arrested a man named Alexander Johnstone in Cuba Street.

Albert Powell was charged with having unlawfully thrown a bottle in Willis Street. Albert Powell was charged with having unlawfully thrown a bottle in Willis Street.

To-day the cases against William Thomas Young, Harry Holland, Robert Semple, George Bailey, Peter Fraser, and Thomas Barker will be heard at the Magistrate's Court. To-day the cases against William Thomas Young, Harry Holland, Robert Semple, George Bailey, Peter Fraser, and Thomas Barker will be heard at the Magistrate's Court.

Waterloo Quay disturbance. Yesterday afternoon, at 5 o'clock, detectives Mason and Cassells arrested a man named Alexander Johnstone in Cuba Street. Waterloo Quay disturbance. Yesterday afternoon, at 5 o'clock, detectives Mason and Cassells arrested a man named Alexander Johnstone in Cuba Street.

TRAMS TO RUN IN QUEEN STREET.

Albert Powell was charged with having unlawfully thrown a bottle in Willis Street. Albert Powell was charged with having unlawfully thrown a bottle in Willis Street.

To-day the cases against William Thomas Young, Harry Holland, Robert Semple, George Bailey, Peter Fraser, and Thomas Barker will be heard at the Magistrate's Court. To-day the cases against William Thomas Young, Harry Holland, Robert Semple, George Bailey, Peter Fraser, and Thomas Barker will be heard at the Magistrate's Court.

Waterloo Quay disturbance. Yesterday afternoon, at 5 o'clock, detectives Mason and Cassells arrested a man named Alexander Johnstone in Cuba Street. Waterloo Quay disturbance. Yesterday afternoon, at 5 o'clock, detectives Mason and Cassells arrested a man named Alexander Johnstone in Cuba Street.

Albert Powell was charged with having unlawfully thrown a bottle in Willis Street. Albert Powell was charged with having unlawfully thrown a bottle in Willis Street.

To-day the cases against William Thomas Young, Harry Holland, Robert Semple, George Bailey, Peter Fraser, and Thomas Barker will be heard at the Magistrate's Court. To-day the cases against William Thomas Young, Harry Holland, Robert Semple, George Bailey, Peter Fraser, and Thomas Barker will be heard at the Magistrate's Court.

Waterloo Quay disturbance. Yesterday afternoon, at 5 o'clock, detectives Mason and Cassells arrested a man named Alexander Johnstone in Cuba Street. Waterloo Quay disturbance. Yesterday afternoon, at 5 o'clock, detectives Mason and Cassells arrested a man named Alexander Johnstone in Cuba Street.

LOCAL WOOL DIVERTED.
LETTERS TO THE EDITOR.
THE GOVERNMENT AND PUBLIC OPINION.

Sir,—It must be very gratifying to the members of the present Government to know that the great mass of the people in New Zealand are behind them. Sir,—It must be very gratifying to the members of the present Government to know that the great mass of the people in New Zealand are behind them.

The Christian socialist prepared the following notice: That this Chamber desires to express its great appreciation of the firm action taken by the Government. The Christian socialist prepared the following notice: That this Chamber desires to express its great appreciation of the firm action taken by the Government.

Sir,—As a sheep owner, may one ask when farmers are the members of Parliament supposed to serve—their own or the country's? Sir,—As a sheep owner, may one ask when farmers are the members of Parliament supposed to serve—their own or the country's?

Sir,—It must be very gratifying to the members of the present Government to know that the great mass of the people in New Zealand are behind them. Sir,—It must be very gratifying to the members of the present Government to know that the great mass of the people in New Zealand are behind them.

The Christian socialist prepared the following notice: That this Chamber desires to express its great appreciation of the firm action taken by the Government. The Christian socialist prepared the following notice: That this Chamber desires to express its great appreciation of the firm action taken by the Government.

Sir,—As a sheep owner, may one ask when farmers are the members of Parliament supposed to serve—their own or the country's? Sir,—As a sheep owner, may one ask when farmers are the members of Parliament supposed to serve—their own or the country's?

"THE INDUSTRIAL CRISIS."

Sir,—It must be very gratifying to the members of the present Government to know that the great mass of the people in New Zealand are behind them. Sir,—It must be very gratifying to the members of the present Government to know that the great mass of the people in New Zealand are behind them.

The Christian socialist prepared the following notice: That this Chamber desires to express its great appreciation of the firm action taken by the Government. The Christian socialist prepared the following notice: That this Chamber desires to express its great appreciation of the firm action taken by the Government.

Sir,—As a sheep owner, may one ask when farmers are the members of Parliament supposed to serve—their own or the country's? Sir,—As a sheep owner, may one ask when farmers are the members of Parliament supposed to serve—their own or the country's?

Sir,—It must be very gratifying to the members of the present Government to know that the great mass of the people in New Zealand are behind them. Sir,—It must be very gratifying to the members of the present Government to know that the great mass of the people in New Zealand are behind them.

The Christian socialist prepared the following notice: That this Chamber desires to express its great appreciation of the firm action taken by the Government. The Christian socialist prepared the following notice: That this Chamber desires to express its great appreciation of the firm action taken by the Government.

Sir,—As a sheep owner, may one ask when farmers are the members of Parliament supposed to serve—their own or the country's? Sir,—As a sheep owner, may one ask when farmers are the members of Parliament supposed to serve—their own or the country's?

A PROTEST FROM THE COUNTRY.

Sir,—It must be very gratifying to the members of the present Government to know that the great mass of the people in New Zealand are behind them. Sir,—It must be very gratifying to the members of the present Government to know that the great mass of the people in New Zealand are behind them.

The Christian socialist prepared the following notice: That this Chamber desires to express its great appreciation of the firm action taken by the Government. The Christian socialist prepared the following notice: That this Chamber desires to express its great appreciation of the firm action taken by the Government.

Sir,—As a sheep owner, may one ask when farmers are the members of Parliament supposed to serve—their own or the country's? Sir,—As a sheep owner, may one ask when farmers are the members of Parliament supposed to serve—their own or the country's?

Sir,—It must be very gratifying to the members of the present Government to know that the great mass of the people in New Zealand are behind them. Sir,—It must be very gratifying to the members of the present Government to know that the great mass of the people in New Zealand are behind them.

The Christian socialist prepared the following notice: That this Chamber desires to express its great appreciation of the firm action taken by the Government. The Christian socialist prepared the following notice: That this Chamber desires to express its great appreciation of the firm action taken by the Government.

Sir,—As a sheep owner, may one ask when farmers are the members of Parliament supposed to serve—their own or the country's? Sir,—As a sheep owner, may one ask when farmers are the members of Parliament supposed to serve—their own or the country's?

AN ANXIOUS NEW ZEALANDER.

Sir,—It must be very gratifying to the members of the present Government to know that the great mass of the people in New Zealand are behind them. Sir,—It must be very gratifying to the members of the present Government to know that the great mass of the people in New Zealand are behind them.

The Christian socialist prepared the following notice: That this Chamber desires to express its great appreciation of the firm action taken by the Government. The Christian socialist prepared the following notice: That this Chamber desires to express its great appreciation of the firm action taken by the Government.

Sir,—As a sheep owner, may one ask when farmers are the members of Parliament supposed to serve—their own or the country's? Sir,—As a sheep owner, may one ask when farmers are the members of Parliament supposed to serve—their own or the country's?

Sir,—It must be very gratifying to the members of the present Government to know that the great mass of the people in New Zealand are behind them. Sir,—It must be very gratifying to the members of the present Government to know that the great mass of the people in New Zealand are behind them.

The Christian socialist prepared the following notice: That this Chamber desires to express its great appreciation of the firm action taken by the Government. The Christian socialist prepared the following notice: That this Chamber desires to express its great appreciation of the firm action taken by the Government.

Sir,—As a sheep owner, may one ask when farmers are the members of Parliament supposed to serve—their own or the country's? Sir,—As a sheep owner, may one ask when farmers are the members of Parliament supposed to serve—their own or the country's?

THE MINCY COCKATOO.

Sir,—It must be very gratifying to the members of the present Government to know that the great mass of the people in New Zealand are behind them. Sir,—It must be very gratifying to the members of the present Government to know that the great mass of the people in New Zealand are behind them.

The Christian socialist prepared the following notice: That this Chamber desires to express its great appreciation of the firm action taken by the Government. The Christian socialist prepared the following notice: That this Chamber desires to express its great appreciation of the firm action taken by the Government.

Sir,—As a sheep owner, may one ask when farmers are the members of Parliament supposed to serve—their own or the country's? Sir,—As a sheep owner, may one ask when farmers are the members of Parliament supposed to serve—their own or the country's?

Sir,—It must be very gratifying to the members of the present Government to know that the great mass of the people in New Zealand are behind them. Sir,—It must be very gratifying to the members of the present Government to know that the great mass of the people in New Zealand are behind them.

The Christian socialist prepared the following notice: That this Chamber desires to express its great appreciation of the firm action taken by the Government. The Christian socialist prepared the following notice: That this Chamber desires to express its great appreciation of the firm action taken by the Government.

Sir,—As a sheep owner, may one ask when farmers are the members of Parliament supposed to serve—their own or the country's? Sir,—As a sheep owner, may one ask when farmers are the members of Parliament supposed to serve—their own or the country's?

FEMALE FRANCHISE.

Sir,—It must be very gratifying to the members of the present Government to know that the great mass of the people in New Zealand are behind them. Sir,—It must be very gratifying to the members of the present Government to know that the great mass of the people in New Zealand are behind them.

The Christian socialist prepared the following notice: That this Chamber desires to express its great appreciation of the firm action taken by the Government. The Christian socialist prepared the following notice: That this Chamber desires to express its great appreciation of the firm action taken by the Government.

Sir,—As a sheep owner, may one ask when farmers are the members of Parliament supposed to serve—their own or the country's? Sir,—As a sheep owner, may one ask when farmers are the members of Parliament supposed to serve—their own or the country's?

Sir,—It must be very gratifying to the members of the present Government to know that the great mass of the people in New Zealand are behind them. Sir,—It must be very gratifying to the members of the present Government to know that the great mass of the people in New Zealand are behind them.

The Christian socialist prepared the following notice: That this Chamber desires to express its great appreciation of the firm action taken by the Government. The Christian socialist prepared the following notice: That this Chamber desires to express its great appreciation of the firm action taken by the Government.

Sir,—As a sheep owner, may one ask when farmers are the members of Parliament supposed to serve—their own or the country's? Sir,—As a sheep owner, may one ask when farmers are the members of Parliament supposed to serve—their own or the country's?

HONOUR THE SPECIALS.

Sir,—It must be very gratifying to the members of the present Government to know that the great mass of the people in New Zealand are behind them. Sir,—It must be very gratifying to the members of the present Government to know that the great mass of the people in New Zealand are behind them.

The Christian socialist prepared the following notice: That this Chamber desires to express its great appreciation of the firm action taken by the Government. The Christian socialist prepared the following notice: That this Chamber desires to express its great appreciation of the firm action taken by the Government.

Sir,—As a sheep owner, may one ask when farmers are the members of Parliament supposed to serve—their own or the country's? Sir,—As a sheep owner, may one ask when farmers are the members of Parliament supposed to serve—their own or the country's?

Sir,—It must be very gratifying to the members of the present Government to know that the great mass of the people in New Zealand are behind them. Sir,—It must be very gratifying to the members of the present Government to know that the great mass of the people in New Zealand are behind them.

The Christian socialist prepared the following notice: That this Chamber desires to express its great appreciation of the firm action taken by the Government. The Christian socialist prepared the following notice: That this Chamber desires to express its great appreciation of the firm action taken by the Government.

Sir,—As a sheep owner, may one ask when farmers are the members of Parliament supposed to serve—their own or the country's? Sir,—As a sheep owner, may one ask when farmers are the members of Parliament supposed to serve—their own or the country's?

WHY NOT FACE THE REAL FACTS?
A FUTILE SUGGESTION.

Sir,—I see in your issue of yesterday a proposal from Sir Joseph Ward that Sir Joshua Williams should be asked to arbitrate on the deplorable dispute that is now existing. Sir,—I see in your issue of yesterday a proposal from Sir Joseph Ward that Sir Joshua Williams should be asked to arbitrate on the deplorable dispute that is now existing.

The difficulty is not that the employers won't want a settlement, but that no settlement is possible with men whose leaders are avowedly seeking to destroy the present order. The difficulty is not that the employers won't want a settlement, but that no settlement is possible with men whose leaders are avowedly seeking to destroy the present order.

Sir,—The executive officers of the "Red Federation" are said to be willing to accept Sir Joshua Williams as an independent arbitrator. Sir,—The executive officers of the "Red Federation" are said to be willing to accept Sir Joshua Williams as an independent arbitrator.

Sir,—I see in your issue of yesterday a proposal from Sir Joseph Ward that Sir Joshua Williams should be asked to arbitrate on the deplorable dispute that is now existing. Sir,—I see in your issue of yesterday a proposal from Sir Joseph Ward that Sir Joshua Williams should be asked to arbitrate on the deplorable dispute that is now existing.

The difficulty is not that the employers won't want a settlement, but that no settlement is possible with men whose leaders are avowedly seeking to destroy the present order. The difficulty is not that the employers won't want a settlement, but that no settlement is possible with men whose leaders are avowedly seeking to destroy the present order.

Sir,—The executive officers of the "Red Federation" are said to be willing to accept Sir Joshua Williams as an independent arbitrator. Sir,—The executive officers of the "Red Federation" are said to be willing to accept Sir Joshua Williams as an independent arbitrator.

WILL ACCEPT ARBITRAMENT.

Sir,—I see in your issue of yesterday a proposal from Sir Joseph Ward that Sir Joshua Williams should be asked to arbitrate on the deplorable dispute that is now existing. Sir,—I see in your issue of yesterday a proposal from Sir Joseph Ward that Sir Joshua Williams should be asked to arbitrate on the deplorable dispute that is now existing.

The difficulty is not that the employers won't want a settlement, but that no settlement is possible with men whose leaders are avowedly seeking to destroy the present order. The difficulty is not that the employers won't want a settlement, but that no settlement is possible with men whose leaders are avowedly seeking to destroy the present order.

Sir,—The executive officers of the "Red Federation" are said to be willing to accept Sir Joshua Williams as an independent arbitrator. Sir,—The executive officers of the "Red Federation" are said to be willing to accept Sir Joshua Williams as an independent arbitrator.

Sir,—I see in your issue of yesterday a proposal from Sir Joseph Ward that Sir Joshua Williams should be asked to arbitrate on the deplorable dispute that is now existing. Sir,—I see in your issue of yesterday a proposal from Sir Joseph Ward that Sir Joshua Williams should be asked to arbitrate on the deplorable dispute that is now existing.

The difficulty is not that the employers won't want a settlement, but that no settlement is possible with men whose leaders are avowedly seeking to destroy the present order. The difficulty is not that the employers won't want a settlement, but that no settlement is possible with men whose leaders are avowedly seeking to destroy the present order.

Sir,—The executive officers of the "Red Federation" are said to be willing to accept Sir Joshua Williams as an independent arbitrator. Sir,—The executive officers of the "Red Federation" are said to be willing to accept Sir Joshua Williams as an independent arbitrator.

HOW OBLIGING.

Sir,—I see in your issue of yesterday a proposal from Sir Joseph Ward that Sir Joshua Williams should be asked to arbitrate on the deplorable dispute that is now existing. Sir,—I see in your issue of yesterday a proposal from Sir Joseph Ward that Sir Joshua Williams should be asked to arbitrate on the deplorable dispute that is now existing.

The difficulty is not that the employers won't want a settlement, but that no settlement is possible with men whose leaders are avowedly seeking to destroy the present order. The difficulty is not that the employers won't want a settlement, but that no settlement is possible with men whose leaders are avowedly seeking to destroy the present order.

Sir,—The executive officers of the "Red Federation" are said to be willing to accept Sir Joshua Williams as an independent arbitrator. Sir,—The executive officers of the "Red Federation" are said to be willing to accept Sir Joshua Williams as an independent arbitrator.

Sir,—I see in your issue of yesterday a proposal from Sir Joseph Ward that Sir Joshua Williams should be asked to arbitrate on the deplorable dispute that is now existing. Sir,—I see in your issue of yesterday a proposal from Sir Joseph Ward that Sir Joshua Williams should be asked to arbitrate on the deplorable dispute that is now existing.

The difficulty is not that the employers won't want a settlement, but that no settlement is possible with men whose leaders are avowedly seeking to destroy the present order. The difficulty is not that the employers won't want a settlement, but that no settlement is possible with men whose leaders are avowedly seeking to destroy the present order.

Sir,—The executive officers of the "Red Federation" are said to be willing to accept Sir Joshua Williams as an independent arbitrator. Sir,—The executive officers of the "Red Federation" are said to be willing to accept Sir Joshua Williams as an independent arbitrator.

ARBITRATION UNIONISTS.

Sir,—I see in your issue of yesterday a proposal from Sir Joseph Ward that Sir Joshua Williams should be asked to arbitrate on the deplorable dispute that is now existing. Sir,—I see in your issue of yesterday a proposal from Sir Joseph Ward that Sir Joshua Williams should be asked to arbitrate on the deplorable dispute that is now existing.

The difficulty is not that the employers won't want a settlement, but that no settlement is possible with men whose leaders are avowedly seeking to destroy the present order. The difficulty is not that the employers won't want a settlement, but that no settlement is possible with men whose leaders are avowedly seeking to destroy the present order.

Sir,—The executive officers of the "Red Federation" are said to be willing to accept Sir Joshua Williams as an independent arbitrator. Sir,—The executive officers of the "Red Federation" are said to be willing to accept Sir Joshua Williams as an independent arbitrator.

Sir,—I see in your issue of yesterday a proposal from Sir Joseph Ward that Sir Joshua Williams should be asked to arbitrate on the deplorable dispute that is now existing. Sir,—I see in your issue of yesterday a proposal from Sir Joseph Ward that Sir Joshua Williams should be asked to arbitrate on the deplorable dispute that is now existing.

The difficulty is not that the employers won't want a settlement, but that no settlement is possible with men whose leaders are avowedly seeking to destroy the present order. The difficulty is not that the employers won't want a settlement, but that no settlement is possible with men whose leaders are avowedly seeking to destroy the present order.

Sir,—The executive officers of the "Red Federation" are said to be willing to accept Sir Joshua Williams as an independent arbitrator. Sir,—The executive officers of the "Red Federation" are said to be willing to accept Sir Joshua Williams as an independent arbitrator.

Sir,—I see in your issue of yesterday a proposal from Sir Joseph Ward that Sir Joshua Williams should be asked to arbitrate on the deplorable dispute that is now existing. Sir,—I see in your issue of yesterday a proposal from Sir Joseph Ward that Sir Joshua Williams should be asked to arbitrate on the deplorable dispute that is now existing.

The difficulty is not that the employers won't want a settlement, but that no settlement is possible with men whose leaders are avowedly seeking to destroy the present order. The difficulty is not that the employers won't want a settlement, but that no settlement is possible with men whose leaders are avowedly seeking to destroy the present order.

Sir,—The executive officers of the "Red Federation" are said to be willing to accept Sir Joshua Williams as an independent arbitrator. Sir,—The executive officers of the "Red Federation" are said to be willing to accept Sir Joshua Williams as an independent arbitrator.

Sir,—I see in your issue of yesterday a proposal from Sir Joseph Ward that Sir Joshua Williams should be asked to arbitrate on the deplorable dispute that is now existing. Sir,—I see in your issue of yesterday a proposal from Sir Joseph Ward that Sir Joshua Williams should be asked to arbitrate on the deplorable dispute that is now existing.

The difficulty is not that the employers won't want a settlement, but that no settlement is possible with men whose leaders are avowedly seeking to destroy the present order. The difficulty is not that the employers won't want a settlement, but that no settlement is possible with men whose leaders are avowedly seeking to destroy the present order.

Sir,—The executive officers of the "Red Federation" are said to be willing to accept Sir Joshua Williams as an independent arbitrator. Sir,—The executive officers of the "Red Federation" are said to be willing to accept Sir Joshua Williams as an independent arbitrator.

Sir,—I see in your issue of yesterday a proposal from Sir Joseph Ward that Sir Joshua Williams should be asked to arbitrate on the deplorable dispute that is now existing. Sir,—I see in your issue of yesterday a proposal from Sir Joseph Ward that Sir Joshua Williams should be asked to arbitrate on the deplorable dispute that is now existing.

The difficulty is not that the employers won't want a settlement, but that no settlement is possible with men whose leaders are avowedly seeking to destroy the present order. The difficulty is not that the employers won't want a settlement, but that no settlement is possible with men whose leaders are avowedly seeking to destroy the present order.

Sir,—The executive officers of the "Red Federation" are said to be willing to accept Sir Joshua Williams as an independent arbitrator. Sir,—The executive officers of the "Red Federation" are said to be willing to accept Sir Joshua Williams as an independent arbitrator.

Sir,—I see in your issue of yesterday a proposal from Sir Joseph Ward that Sir Joshua Williams should be asked to arbitrate on the deplorable dispute that is now existing. Sir,—I see in your issue of yesterday a proposal from Sir Joseph Ward that Sir Joshua Williams should be asked to arbitrate on the deplorable dispute that is now existing.

The difficulty is not that the employers won't want a settlement, but that no settlement is possible with men whose leaders are avowedly seeking to destroy the present order. The difficulty is not that the employers won't want a settlement, but that no settlement is possible with men whose leaders are avowedly seeking to destroy the present order.

Sir,—The executive officers of the "Red Federation" are said to be willing to accept Sir Joshua Williams as an independent arbitrator. Sir,—The executive officers of the "Red Federation" are said to be willing to accept Sir Joshua Williams as an independent arbitrator.

Sir,—I see in your issue of yesterday a proposal from Sir Joseph Ward that Sir Joshua Williams should be asked to arbitrate on the deplorable dispute that is now existing. Sir,—I see in your issue of yesterday a proposal from Sir Joseph Ward that Sir Joshua Williams should be asked to arbitrate on the deplorable dispute that is now existing.

The difficulty is not that the employers won't want a settlement, but that no settlement is possible with men whose leaders are avowedly seeking to destroy the present order. The difficulty is not that the employers won't want a settlement, but that no settlement is possible with men whose leaders are avowedly seeking to destroy the present order.

Sir,—The executive officers of the "Red Federation" are said to be willing to accept Sir Joshua Williams as an independent arbitrator. Sir,—The executive officers of the "Red Federation" are said to be willing to accept Sir Joshua Williams as an independent arbitrator.

Sir,—I see in your issue of yesterday a proposal from Sir Joseph Ward that Sir Joshua Williams should be asked to arbitrate on the deplorable dispute that is now existing. Sir,—I see in your issue of yesterday a proposal from Sir Joseph Ward that Sir Joshua Williams should be asked to arbitrate on the deplorable dispute that is now existing.

The difficulty is not that the employers won't want a settlement, but that no settlement is possible with men whose leaders are avowedly seeking to destroy the present order. The difficulty is not that the employers won't want a settlement, but that no settlement is possible with men whose leaders are avowedly seeking to destroy the present order.

Sir,—The executive officers of the "Red Federation" are said to be willing to accept Sir Joshua Williams as an independent arbitrator. Sir,—The executive officers of the "Red Federation" are said to be willing to accept Sir Joshua Williams as an independent arbitrator.

RED FEDS, OPPOSITION, AND SECOND BALLOT.

Sir,—Now we know where we are. To all whom it may concern, read, mark, learn, and inwardly digest. Sir,—Now we know where we are. To all whom it may concern, read, mark, learn, and inwardly digest.

Twelve years have elapsed since anything in the form of legitimate comic opera has been performed in Wellington by amateurs. Twelve years have elapsed since anything in the form of legitimate comic opera has been performed in Wellington by amateurs.

The renaissance in Wellington of the old-time amateur opera was inaugurated with the production of the Pirates of Penzance. The renaissance in Wellington of the old-time amateur opera was inaugurated with the production of the Pirates of Penzance.

Sir,—Now we know where we are. To all whom it may concern, read, mark, learn, and inwardly digest. Sir,—Now we know where we are. To all whom it may concern, read, mark, learn, and inwardly digest.

Twelve years have elapsed since anything in the form of legitimate comic opera has been performed in Wellington by amateurs. Twelve years have elapsed since anything in the form of legitimate comic opera has been performed in Wellington by amateurs.

The renaissance in Wellington of the old-time amateur opera was inaugurated with the production of the Pirates of Penzance. The renaissance in Wellington of the old-time amateur opera was inaugurated with the production of the Pirates of Penzance.

AGAINST MOB RULE.

Sir,—Now we know where we are. To all whom it may concern, read, mark, learn, and inwardly digest. Sir,—Now we know where we are. To all whom it may concern, read, mark, learn, and inwardly digest.

Twelve years have elapsed since anything in the form of legitimate comic opera has been performed in Wellington by amateurs. Twelve years have elapsed since anything in the form of legitimate comic opera has been performed in Wellington by amateurs.

The renaissance in Wellington of the old-time amateur opera was inaugurated with the production of the Pirates of Penzance. The renaissance in Wellington of the old-time amateur opera was inaugurated with the production of the Pirates of Penzance.

Sir,—Now we know where we are. To all whom it may concern, read, mark, learn, and inwardly digest. Sir,—Now we know where we are. To all whom it may concern, read, mark, learn, and inwardly digest.

Twelve years have elapsed since anything in the form of legitimate comic opera has been performed in Wellington by amateurs. Twelve years have elapsed since anything in the form of legitimate comic opera has been performed in Wellington by amateurs.

The renaissance in Wellington of the old-time amateur opera was inaugurated with the production of the Pirates of Penzance. The renaissance in Wellington of the old-time amateur opera was inaugurated with the production of the Pirates of Penzance.

AMATEUR OPERA.

Sir,—Now we know where we are. To all whom it may concern, read, mark, learn, and inwardly digest. Sir,—Now we know where we are. To all whom it may concern, read, mark, learn, and inwardly digest.

Twelve years have elapsed since anything in the form of legitimate comic opera has been performed in Wellington by amateurs. Twelve years have elapsed since anything in the form of legitimate comic opera has been performed in Wellington by amateurs.

The renaissance in Wellington of the old-time amateur opera was inaugurated with the production of the Pirates of Penzance. The renaissance in Wellington of the old-time amateur opera was inaugurated with the production of the Pirates of Penzance.

Sir,—Now we know where we are. To all whom it may concern, read, mark, learn, and inwardly digest. Sir,—Now we know where we are. To all whom it may concern, read, mark, learn, and inwardly digest.

Twelve years have elapsed since anything in the form of legitimate comic opera has been performed in Wellington by amateurs. Twelve years have elapsed since anything in the form of legitimate comic opera has been performed in Wellington by amateurs.

The renaissance in Wellington of the old-time amateur opera was inaugurated with the production of the Pirates of Penzance. The renaissance in Wellington of the old-time amateur opera was inaugurated with the production of the Pirates of Penzance.

RENAISSANCE IN WELLINGTON.

Sir,—Now we know where we are. To all whom it may concern, read, mark, learn, and inwardly digest. Sir,—Now we know where we are. To all whom it may concern, read, mark, learn, and inwardly digest.

Twelve years have elapsed since anything in the form of legitimate comic opera has been performed in Wellington by amateurs. Twelve years have elapsed since anything in the form of legitimate comic opera has been performed in Wellington by amateurs.

The renaissance in Wellington of the old-time amateur opera was inaugurated with the production of the Pirates of Penzance. The renaissance in Wellington of the old-time amateur opera was inaugurated with the production of the Pirates of Penzance.

Sir,—Now we know where we are. To all whom it may concern, read, mark, learn, and inwardly digest. Sir,—Now we know where we are. To all whom it may concern, read, mark, learn, and inwardly digest.

Twelve years have elapsed since anything in the form of legitimate comic opera has been performed in Wellington by amateurs. Twelve years have elapsed since anything in the form of legitimate comic opera has been performed in Wellington by amateurs.

The renaissance in Wellington of the old-time amateur opera was inaugurated with the production of the Pirates of Penzance. The renaissance in Wellington of the old-time amateur opera was inaugurated with the production of the Pirates of Penzance.

[BY STRETTA.]

Sir,—Now we know where we are. To all whom it may concern, read, mark, learn, and inwardly digest. Sir,—Now we know where we are. To all whom it may concern, read, mark, learn, and inwardly digest.

Twelve years have elapsed since anything in the form of legitimate comic opera has been performed in Wellington by amateurs. Twelve years have elapsed since anything in the form of legitimate comic opera has been performed in Wellington by amateurs.

The renaissance in Wellington of the old-time amateur opera was inaugurated with the production of the Pirates of Penzance. The renaissance in Wellington of the old-time amateur opera was inaugurated with the production of the Pirates of Penzance.

Sir,—Now we know where we are. To all whom it may concern, read, mark, learn, and inwardly digest. Sir,—Now we know where we are. To all whom it may concern, read, mark, learn, and inwardly digest.

Twelve years have elapsed since anything in the form of legitimate comic opera has been performed in Wellington by amateurs. Twelve years have elapsed since anything in the form of legitimate comic opera has been performed in Wellington by amateurs.

The renaissance in Wellington of the old-time amateur opera was inaugurated with the production of the Pirates of Penzance. The renaissance in Wellington of the old-time amateur opera was inaugurated with the production of the Pirates of Penzance.

Sir,—Now we know where we are. To all whom it may concern, read, mark, learn, and inwardly digest. Sir,—Now we know where we are. To all whom it may concern, read, mark, learn, and inwardly digest.

Twelve years have elapsed since anything in the form of legitimate comic opera has been performed in Wellington by amateurs. Twelve years have elapsed since anything in the form of legitimate comic opera has been performed in Wellington by amateurs.

The renaissance in Wellington of the old-time amateur opera was inaugurated with the production of the Pirates of Penzance. The renaissance in Wellington of the old-time amateur opera was inaugurated with the production of the Pirates of Penzance.

Sir,—Now we know where we are. To all whom it may concern, read, mark, learn, and inwardly digest. Sir,—Now we know where we are. To all whom it may concern, read, mark, learn, and inwardly digest.

Twelve years have elapsed since anything in the form of legitimate comic opera has been performed in Wellington by amateurs. Twelve years have elapsed since anything in the form of legitimate comic opera has been performed in Wellington by amateurs.

The renaissance in Wellington of the old-time amateur opera was inaugurated with the production of the Pirates of Penzance. The renaissance in Wellington of the old-time amateur opera was inaugurated with the production of the Pirates of Penzance.

Sir,—Now we know where we are. To all whom it may concern, read, mark, learn, and inwardly digest. Sir,—Now we know where we are. To all whom it may concern, read, mark, learn, and inwardly digest.

Twelve years have elapsed since anything in the form of legitimate comic opera has been performed in Wellington by amateurs. Twelve years have elapsed since anything in the form of legitimate comic opera has been performed in Wellington by amateurs.

The renaissance in Wellington of the old-time amateur opera was inaugurated with the production of the Pirates of Penzance. The renaissance in Wellington of the old-time amateur opera was inaugurated with the production of the Pirates of Penzance.

Sir,—Now we know where we are. To all whom it may concern, read, mark, learn, and inwardly digest. Sir,—Now we know where we are. To all whom it may concern, read, mark, learn, and inwardly digest.

Twelve years have elapsed since anything in the form of legitimate comic opera has been performed in Wellington by amateurs. Twelve years have elapsed since anything in the form of legitimate comic opera has been performed in Wellington by amateurs.

The renaissance in Wellington of the old-time amateur opera was inaugurated with the production of the Pirates of Penzance. The renaissance in Wellington of the old-time amateur opera was inaugurated with the production of the Pirates of Penzance.
